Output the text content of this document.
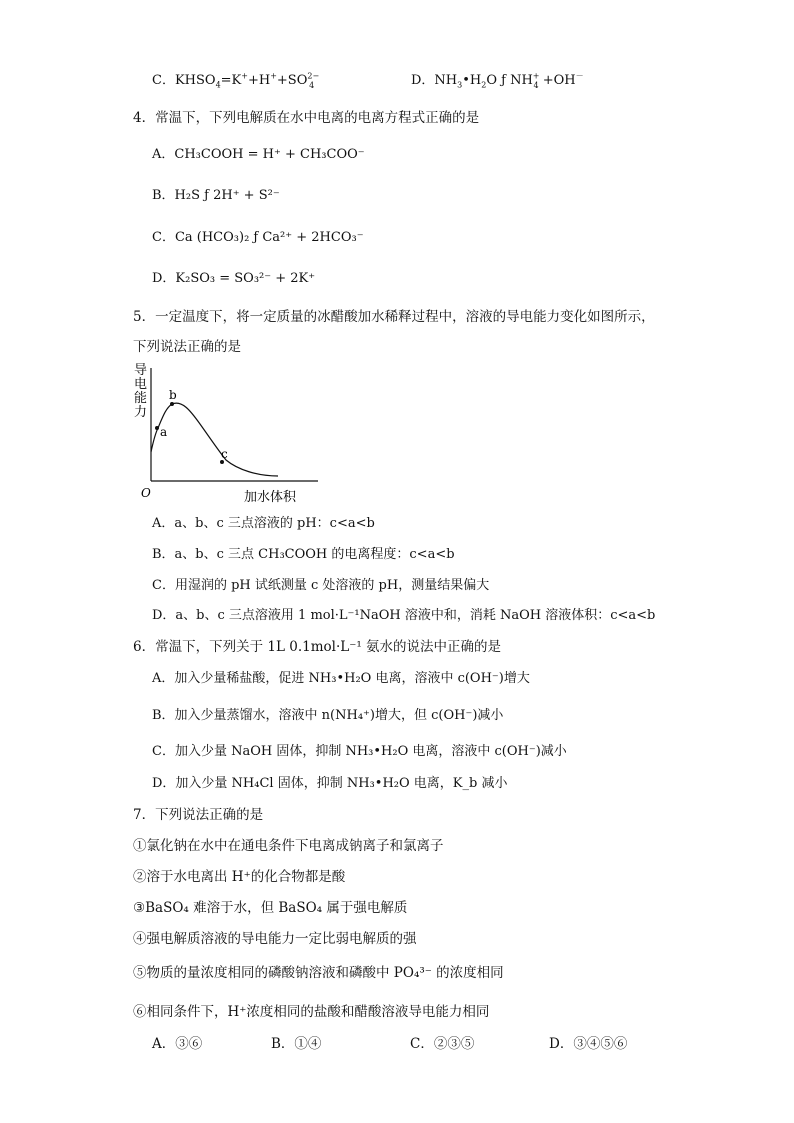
C．$KHSO_4=K^++H^++SO^{2-}_4$	D．$NH_3•H_2O$ ƒ $NH^+_4 +OH^-$
4．常温下，下列电解质在水中电离的电离方程式正确的是
A．CH₃COOH = H⁺ + CH₃COO⁻
B．H₂S ƒ 2H⁺ + S²⁻
C．Ca (HCO₃)₂ ƒ Ca²⁺ + 2HCO₃⁻
D．K₂SO₃ = SO₃²⁻ + 2K⁺
5．一定温度下，将一定质量的冰醋酸加水稀释过程中，溶液的导电能力变化如图所示，
下列说法正确的是
导
电
能
力
O	加水体积
a
b
c
A．a、b、c 三点溶液的 pH：c<a<b
B．a、b、c 三点 CH₃COOH 的电离程度：c<a<b
C．用湿润的 pH 试纸测量 c 处溶液的 pH，测量结果偏大
D．a、b、c 三点溶液用 1 mol·L⁻¹NaOH 溶液中和，消耗 NaOH 溶液体积：c<a<b
6．常温下，下列关于 1L 0.1mol·L⁻¹ 氨水的说法中正确的是
A．加入少量稀盐酸，促进 NH₃•H₂O 电离，溶液中 c(OH⁻)增大
B．加入少量蒸馏水，溶液中 n(NH₄⁺)增大，但 c(OH⁻)减小
C．加入少量 NaOH 固体，抑制 NH₃•H₂O 电离，溶液中 c(OH⁻)减小
D．加入少量 NH₄Cl 固体，抑制 NH₃•H₂O 电离，K_b 减小
7．下列说法正确的是
①氯化钠在水中在通电条件下电离成钠离子和氯离子
②溶于水电离出 H⁺的化合物都是酸
③BaSO₄ 难溶于水，但 BaSO₄ 属于强电解质
④强电解质溶液的导电能力一定比弱电解质的强
⑤物质的量浓度相同的磷酸钠溶液和磷酸中 PO₄³⁻ 的浓度相同
⑥相同条件下，H⁺浓度相同的盐酸和醋酸溶液导电能力相同
A．③⑥	B．①④	C．②③⑤	D．③④⑤⑥
